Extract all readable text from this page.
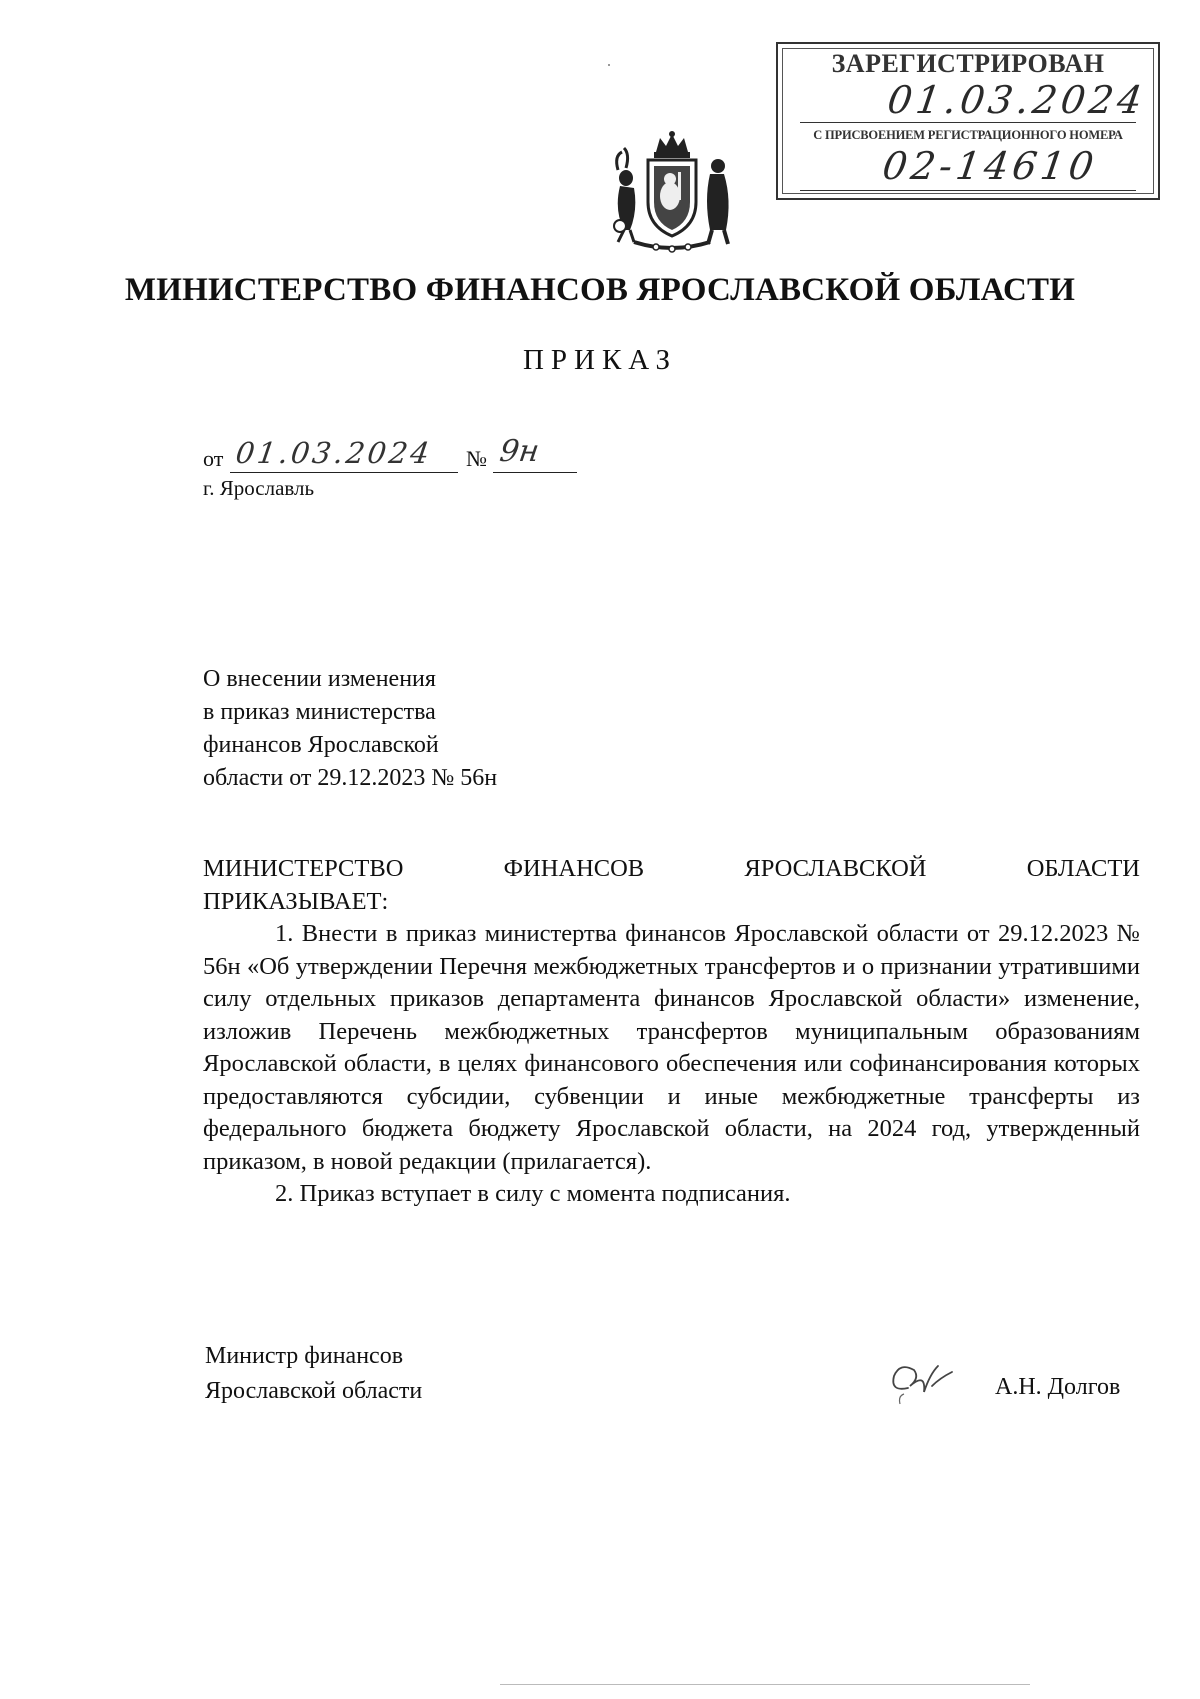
ЗАРЕГИСТРИРОВАН
01.03.2024
С ПРИСВОЕНИЕМ РЕГИСТРАЦИОННОГО НОМЕРА
02-14610
МИНИСТЕРСТВО ФИНАНСОВ ЯРОСЛАВСКОЙ ОБЛАСТИ
ПРИКАЗ
от 01.03.2024 № 9н
г. Ярославль
О внесении изменения
в приказ министерства
финансов Ярославской
области от 29.12.2023 № 56н
МИНИСТЕРСТВО	ФИНАНСОВ	ЯРОСЛАВСКОЙ	ОБЛАСТИ

ПРИКАЗЫВАЕТ:

1. Внести в приказ министертва финансов Ярославской области от 29.12.2023 № 56н «Об утверждении Перечня межбюджетных трансфертов и о признании утратившими силу отдельных приказов департамента финансов Ярославской области» изменение, изложив Перечень межбюджетных трансфертов муниципальным образованиям Ярославской области, в целях финансового обеспечения или софинансирования которых предоставляются субсидии, субвенции и иные межбюджетные трансферты из федерального бюджета бюджету Ярославской области, на 2024 год, утвержденный приказом, в новой редакции (прилагается).

2. Приказ вступает в силу с момента подписания.

Министр финансов
Ярославской области	А.Н. Долгов
